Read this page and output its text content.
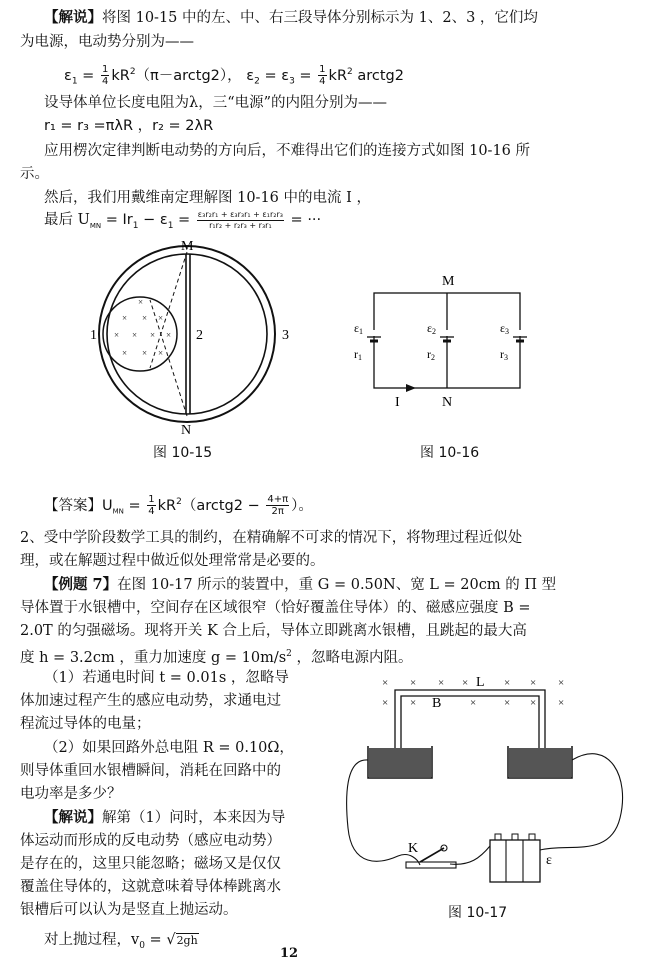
【解说】将图 10-15 中的左、中、右三段导体分别标示为 1、2、3 ，它们均
为电源，电动势分别为——
$\varepsilon_1 = \frac{1}{4}$ $kR^2(\pi-arctg2)$， $\varepsilon_2 = \varepsilon_3 = \frac{1}{4} kR^2$ arctg2
设导体单位长度电阻为λ，三“电源”的内阻分别为——
r₁ = r₃ =πλR ，r₂ = 2λR
应用楞次定律判断电动势的方向后，不难得出它们的连接方式如图 10-16 所
示。
然后，我们用戴维南定理解图 10-16 中的电流 I ，
最后 $U_{MN} = Ir_1 - \varepsilon_1 = \frac{\text{ε₃r₂r₁ + ε₃r₃r₁ + ε₁r₂r₃}}{\text{r₁r₂ + r₂r₃ + r₃r₁}}$ = ···
× × ×
× × × ×
× × ×
×
M
N
1	2	3
图 10-15
M
N
I
ε1
r1
ε2
r2
ε3
r3
图 10-16
【答案】$U_{MN} = \frac{1}{4}$ $kR^2(arctg2 - \frac{4+\pi}{2\pi}$ ）。
2、受中学阶段数学工具的制约，在精确解不可求的情况下，将物理过程近似处
理，或在解题过程中做近似处理常常是必要的。
【例题 7】在图 10-17 所示的装置中，重 G = 0.50N、宽 L = 20cm 的 П 型
导体置于水银槽中，空间存在区域很窄（恰好覆盖住导体）的、磁感应强度 B =
2.0T 的匀强磁场。现将开关 K 合上后，导体立即跳离水银槽，且跳起的最大高
度 h = 3.2cm ，重力加速度 $g = 10m/s^2$ ，忽略电源内阻。
（1）若通电时间 t = 0.01s ，忽略导
体加速过程产生的感应电动势，求通电过
程流过导体的电量；
（2）如果回路外总电阻 R = 0.10Ω，
则导体重回水银槽瞬间，消耗在回路中的
电功率是多少？
【解说】解第（1）问时，本来因为导
体运动而形成的反电动势（感应电动势）
是存在的，这里只能忽略；磁场又是仅仅
覆盖住导体的，这就意味着导体棒跳离水
银槽后可以认为是竖直上抛运动。
对上抛过程，$v_0 = √2gh$
× × × ×	× × ×
× ×	×	× × ×
L
B
K
ε
图 10-17
12
